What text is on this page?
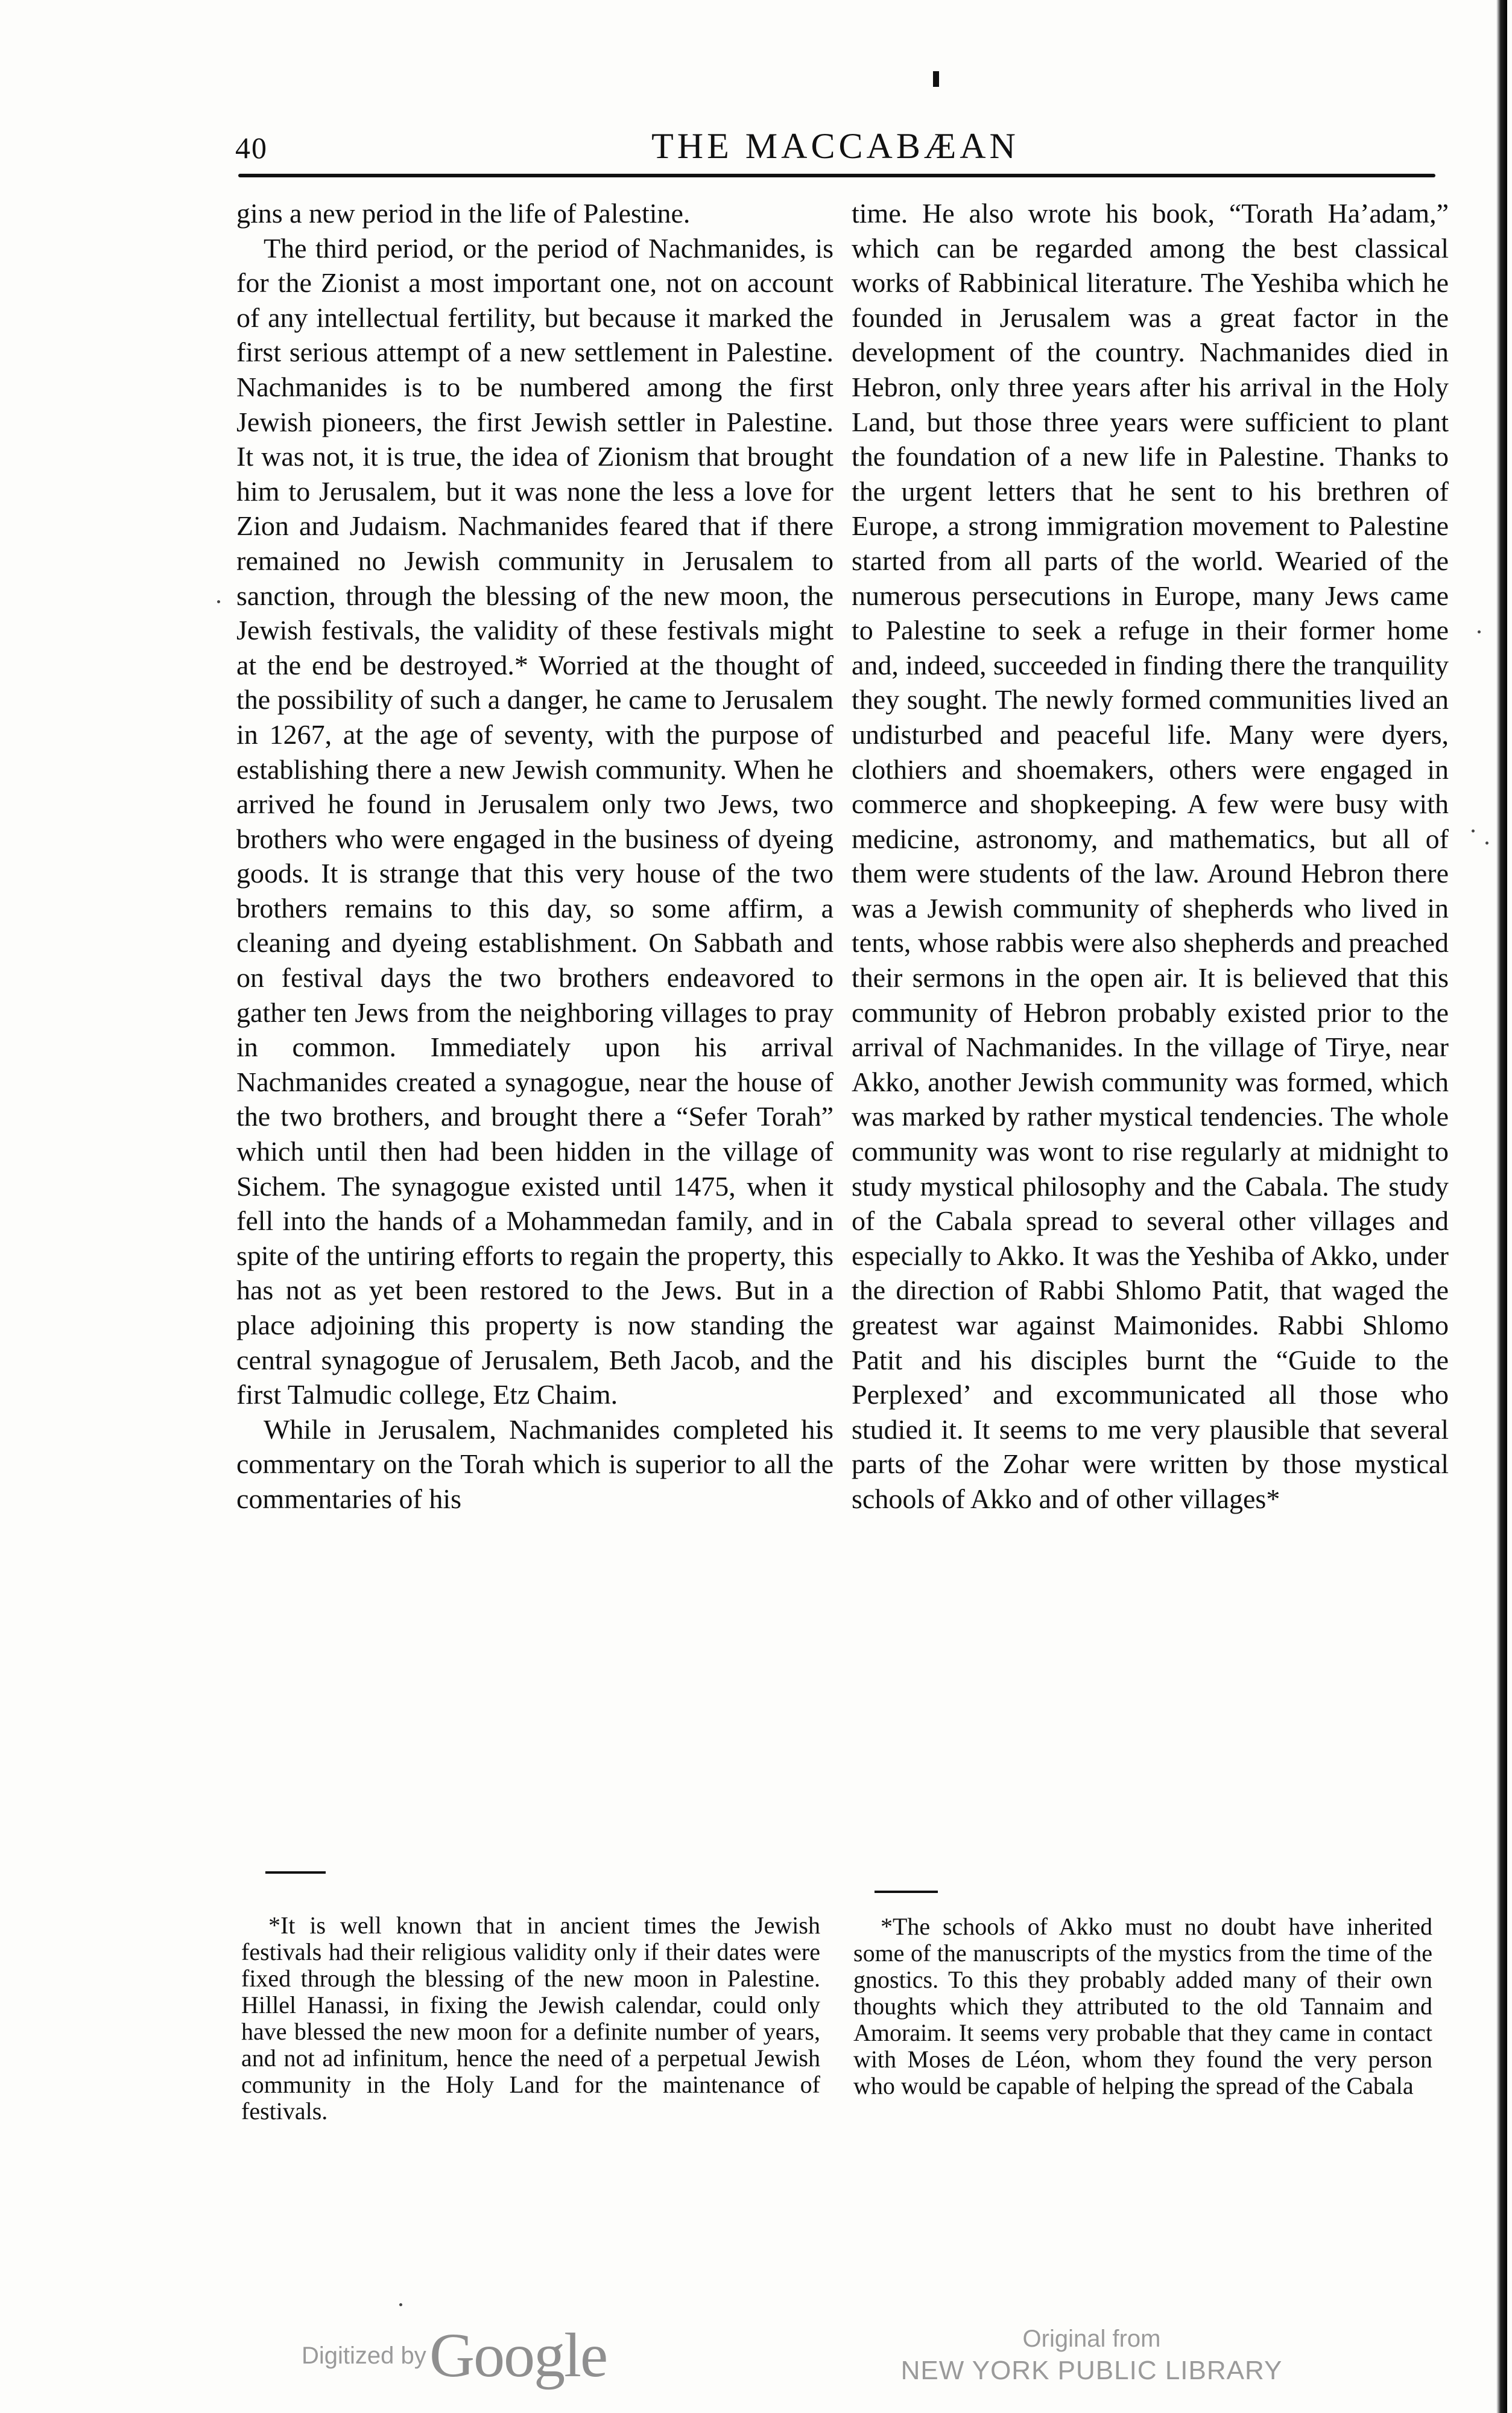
40	THE MACCABÆAN

gins a new period in the life of Palestine.

The third period, or the period of Nachmanides, is for the Zionist a most important one, not on account of any intellectual fertility, but because it marked the first serious attempt of a new settlement in Palestine. Nachmanides is to be numbered among the first Jewish pioneers, the first Jewish settler in Palestine. It was not, it is true, the idea of Zionism that brought him to Jerusalem, but it was none the less a love for Zion and Judaism. Nachmanides feared that if there remained no Jewish community in Jerusalem to sanction, through the blessing of the new moon, the Jewish festivals, the validity of these festivals might at the end be destroyed.* Worried at the thought of the possibility of such a danger, he came to Jerusalem in 1267, at the age of seventy, with the purpose of establishing there a new Jewish community. When he arrived he found in Jerusalem only two Jews, two brothers who were engaged in the business of dyeing goods. It is strange that this very house of the two brothers remains to this day, so some affirm, a cleaning and dyeing establishment. On Sabbath and on festival days the two brothers endeavored to gather ten Jews from the neighboring villages to pray in common. Immediately upon his arrival Nachmanides created a synagogue, near the house of the two brothers, and brought there a “Sefer Torah” which until then had been hidden in the village of Sichem. The synagogue existed until 1475, when it fell into the hands of a Mohammedan family, and in spite of the untiring efforts to regain the property, this has not as yet been restored to the Jews. But in a place adjoining this property is now standing the central synagogue of Jerusalem, Beth Jacob, and the first Talmudic college, Etz Chaim.

While in Jerusalem, Nachmanides completed his commentary on the Torah which is superior to all the commentaries of his

time. He also wrote his book, “Torath Ha’adam,” which can be regarded among the best classical works of Rabbinical literature. The Yeshiba which he founded in Jerusalem was a great factor in the development of the country. Nachmanides died in Hebron, only three years after his arrival in the Holy Land, but those three years were sufficient to plant the foundation of a new life in Palestine. Thanks to the urgent letters that he sent to his brethren of Europe, a strong immigration movement to Palestine started from all parts of the world. Wearied of the numerous persecutions in Europe, many Jews came to Palestine to seek a refuge in their former home and, indeed, succeeded in finding there the tranquility they sought. The newly formed communities lived an undisturbed and peaceful life. Many were dyers, clothiers and shoemakers, others were engaged in commerce and shopkeeping. A few were busy with medicine, astronomy, and mathematics, but all of them were students of the law. Around Hebron there was a Jewish community of shepherds who lived in tents, whose rabbis were also shepherds and preached their sermons in the open air. It is believed that this community of Hebron probably existed prior to the arrival of Nachmanides. In the village of Tirye, near Akko, another Jewish community was formed, which was marked by rather mystical tendencies. The whole community was wont to rise regularly at midnight to study mystical philosophy and the Cabala. The study of the Cabala spread to several other villages and especially to Akko. It was the Yeshiba of Akko, under the direction of Rabbi Shlomo Patit, that waged the greatest war against Maimonides. Rabbi Shlomo Patit and his disciples burnt the “Guide to the Perplexed’ and excommunicated all those who studied it. It seems to me very plausible that several parts of the Zohar were written by those mystical schools of Akko and of other villages*

*It is well known that in ancient times the Jewish festivals had their religious validity only if their dates were fixed through the blessing of the new moon in Palestine. Hillel Hanassi, in fixing the Jewish calendar, could only have blessed the new moon for a definite number of years, and not ad infinitum, hence the need of a perpetual Jewish community in the Holy Land for the maintenance of festivals.

*The schools of Akko must no doubt have inherited some of the manuscripts of the mystics from the time of the gnostics. To this they probably added many of their own thoughts which they attributed to the old Tannaim and Amoraim. It seems very probable that they came in contact with Moses de Léon, whom they found the very person who would be capable of helping the spread of the Cabala

Digitized by Google	Original from
NEW YORK PUBLIC LIBRARY
